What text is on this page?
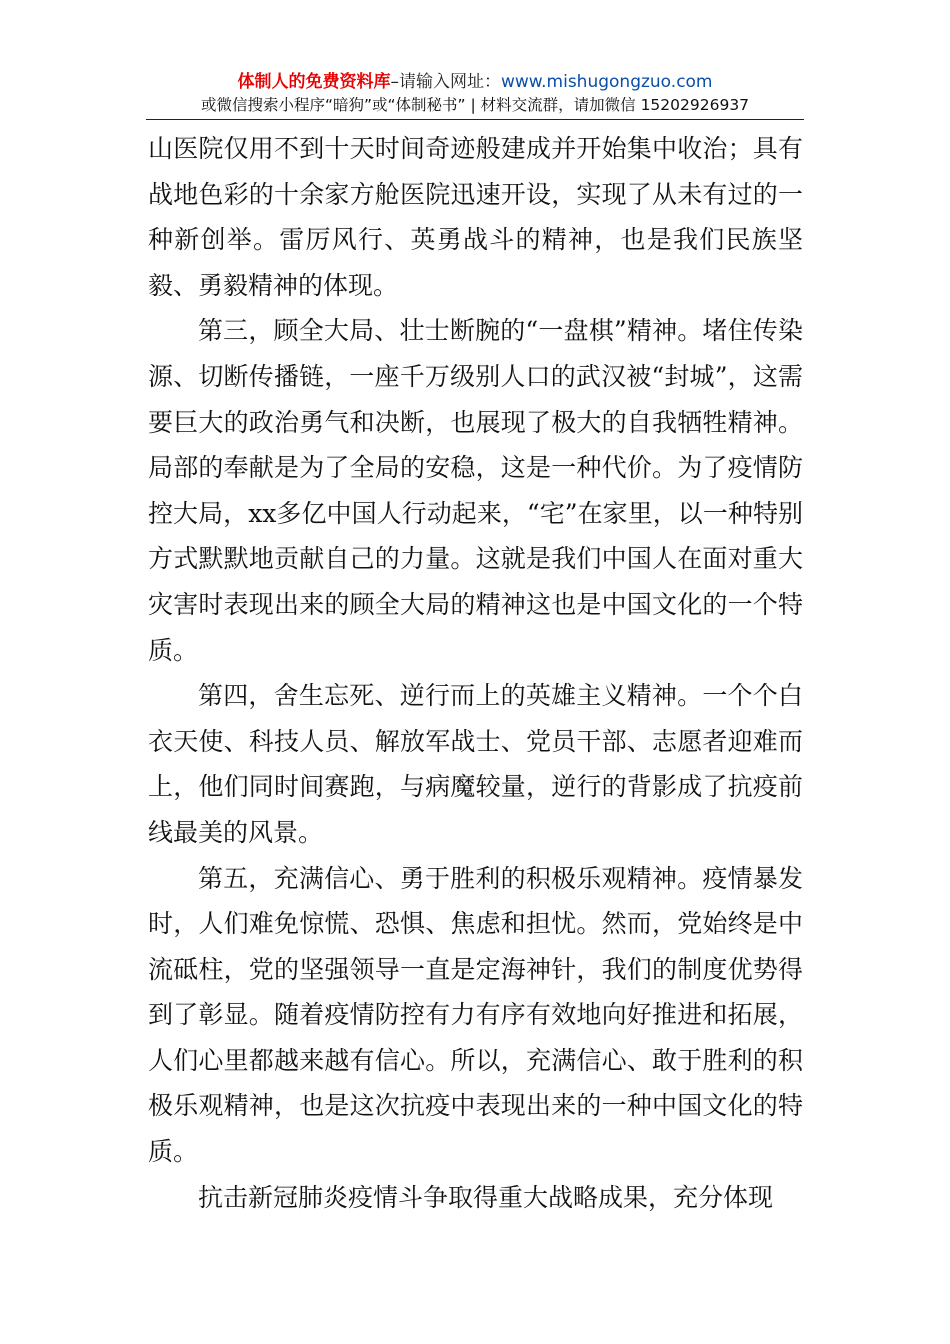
体制人的免费资料库–请输入网址：www.mishugongzuo.com
或微信搜索小程序“暗狗”或“体制秘书” | 材料交流群，请加微信 15202926937

山医院仅用不到十天时间奇迹般建成并开始集中收治；具有战地色彩的十余家方舱医院迅速开设，实现了从未有过的一种新创举。雷厉风行、英勇战斗的精神，也是我们民族坚毅、勇毅精神的体现。

第三，顾全大局、壮士断腕的“一盘棋”精神。堵住传染源、切断传播链，一座千万级别人口的武汉被“封城”，这需要巨大的政治勇气和决断，也展现了极大的自我牺牲精神。局部的奉献是为了全局的安稳，这是一种代价。为了疫情防控大局，xx多亿中国人行动起来，“宅”在家里，以一种特别方式默默地贡献自己的力量。这就是我们中国人在面对重大灾害时表现出来的顾全大局的精神这也是中国文化的一个特质。

第四，舍生忘死、逆行而上的英雄主义精神。一个个白衣天使、科技人员、解放军战士、党员干部、志愿者迎难而上，他们同时间赛跑，与病魔较量，逆行的背影成了抗疫前线最美的风景。

第五，充满信心、勇于胜利的积极乐观精神。疫情暴发时，人们难免惊慌、恐惧、焦虑和担忧。然而，党始终是中流砥柱，党的坚强领导一直是定海神针，我们的制度优势得到了彰显。随着疫情防控有力有序有效地向好推进和拓展，人们心里都越来越有信心。所以，充满信心、敢于胜利的积极乐观精神，也是这次抗疫中表现出来的一种中国文化的特质。

抗击新冠肺炎疫情斗争取得重大战略成果，充分体现
